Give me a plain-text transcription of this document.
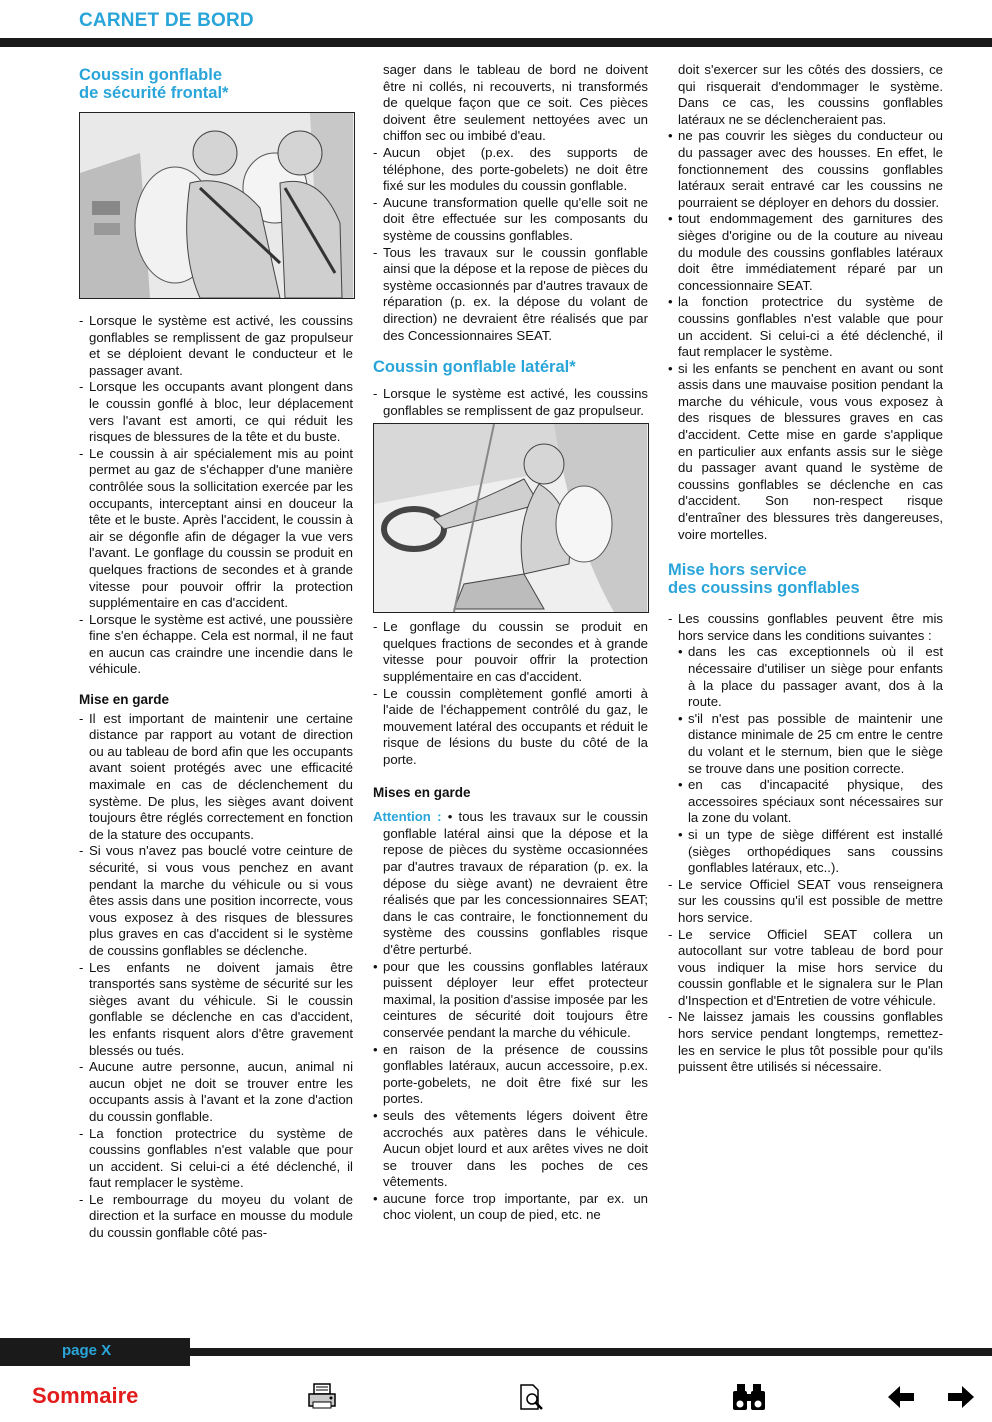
CARNET DE BORD
Coussin gonflable
de sécurité frontal*
- Lorsque le système est activé, les coussins gonflables se remplissent de gaz propulseur et se déploient devant le conducteur et le passager avant.
- Lorsque les occupants avant plongent dans le coussin gonflé à bloc, leur déplacement vers l'avant est amorti, ce qui réduit les risques de blessures de la tête et du buste.
- Le coussin à air spécialement mis au point permet au gaz de s'échapper d'une manière contrôlée sous la sollicitation exercée par les occupants, interceptant ainsi en douceur la tête et le buste. Après l'accident, le coussin à air se dégonfle afin de dégager la vue vers l'avant. Le gonflage du coussin se produit en quelques fractions de secondes et à grande vitesse pour pouvoir offrir la protection supplémentaire en cas d'accident.
- Lorsque le système est activé, une poussière fine s'en échappe. Cela est normal, il ne faut en aucun cas craindre une incendie dans le véhicule.
Mise en garde
- Il est important de maintenir une certaine distance par rapport au votant de direction ou au tableau de bord afin que les occupants avant soient protégés avec une efficacité maximale en cas de déclenchement du système. De plus, les sièges avant doivent toujours être réglés correctement en fonction de la stature des occupants.
- Si vous n'avez pas bouclé votre ceinture de sécurité, si vous vous penchez en avant pendant la marche du véhicule ou si vous êtes assis dans une position incorrecte, vous vous exposez à des risques de blessures plus graves en cas d'accident si le système de coussins gonflables se déclenche.
- Les enfants ne doivent jamais être transportés sans système de sécurité sur les sièges avant du véhicule. Si le coussin gonflable se déclenche en cas d'accident, les enfants risquent alors d'être gravement blessés ou tués.
- Aucune autre personne, aucun, animal ni aucun objet ne doit se trouver entre les occupants assis à l'avant et la zone d'action du coussin gonflable.
- La fonction protectrice du système de coussins gonflables n'est valable que pour un accident. Si celui-ci a été déclenché, il faut remplacer le système.
- Le rembourrage du moyeu du volant de direction et la surface en mousse du module du coussin gonflable côté pas-
sager dans le tableau de bord ne doivent être ni collés, ni recouverts, ni transformés de quelque façon que ce soit. Ces pièces doivent être seulement nettoyées avec un chiffon sec ou imbibé d'eau.
- Aucun objet (p.ex. des supports de téléphone, des porte-gobelets) ne doit être fixé sur les modules du coussin gonflable.
- Aucune transformation quelle qu'elle soit ne doit être effectuée sur les composants du système de coussins gonflables.
- Tous les travaux sur le coussin gonflable ainsi que la dépose et la repose de pièces du système occasionnés par d'autres travaux de réparation (p. ex. la dépose du volant de direction) ne devraient être réalisés que par des Concessionnaires SEAT.
Coussin gonflable latéral*
- Lorsque le système est activé, les coussins gonflables se remplissent de gaz propulseur.
- Le gonflage du coussin se produit en quelques fractions de secondes et à grande vitesse pour pouvoir offrir la protection supplémentaire en cas d'accident.
- Le coussin complètement gonflé amorti à l'aide de l'échappement contrôlé du gaz, le mouvement latéral des occupants et réduit le risque de lésions du buste du côté de la porte.
Mises en garde
Attention : • tous les travaux sur le coussin gonflable latéral ainsi que la dépose et la repose de pièces du système occasionnées par d'autres travaux de réparation (p. ex. la dépose du siège avant) ne devraient être réalisés que par les concessionnaires SEAT; dans le cas contraire, le fonctionnement du système des coussins gonflables risque d'être perturbé.
• pour que les coussins gonflables latéraux puissent déployer leur effet protecteur maximal, la position d'assise imposée par les ceintures de sécurité doit toujours être conservée pendant la marche du véhicule.
• en raison de la présence de coussins gonflables latéraux, aucun accessoire, p.ex. porte-gobelets, ne doit être fixé sur les portes.
• seuls des vêtements légers doivent être accrochés aux patères dans le véhicule. Aucun objet lourd et aux arêtes vives ne doit se trouver dans les poches de ces vêtements.
• aucune force trop importante, par ex. un choc violent, un coup de pied, etc. ne
doit s'exercer sur les côtés des dossiers, ce qui risquerait d'endommager le système. Dans ce cas, les coussins gonflables latéraux ne se déclencheraient pas.
• ne pas couvrir les sièges du conducteur ou du passager avec des housses. En effet, le fonctionnement des coussins gonflables latéraux serait entravé car les coussins ne pourraient se déployer en dehors du dossier.
• tout endommagement des garnitures des sièges d'origine ou de la couture au niveau du module des coussins gonflables latéraux doit être immédiatement réparé par un concessionnaire SEAT.
• la fonction protectrice du système de coussins gonflables n'est valable que pour un accident. Si celui-ci a été déclenché, il faut remplacer le système.
• si les enfants se penchent en avant ou sont assis dans une mauvaise position pendant la marche du véhicule, vous vous exposez à des risques de blessures graves en cas d'accident. Cette mise en garde s'applique en particulier aux enfants assis sur le siège du passager avant quand le système de coussins gonflables se déclenche en cas d'accident. Son non-respect risque d'entraîner des blessures très dangereuses, voire mortelles.
Mise hors service
des coussins gonflables
- Les coussins gonflables peuvent être mis hors service dans les conditions suivantes :
• dans les cas exceptionnels où il est nécessaire d'utiliser un siège pour enfants à la place du passager avant, dos à la route.
• s'il n'est pas possible de maintenir une distance minimale de 25 cm entre le centre du volant et le sternum, bien que le siège se trouve dans une position correcte.
• en cas d'incapacité physique, des accessoires spéciaux sont nécessaires sur la zone du volant.
• si un type de siège différent est installé (sièges orthopédiques sans coussins gonflables latéraux, etc..).
- Le service Officiel SEAT vous renseignera sur les coussins qu'il est possible de mettre hors service.
- Le service Officiel SEAT collera un autocollant sur votre tableau de bord pour vous indiquer la mise hors service du coussin gonflable et le signalera sur le Plan d'Inspection et d'Entretien de votre véhicule.
- Ne laissez jamais les coussins gonflables hors service pendant longtemps, remettez-les en service le plus tôt possible pour qu'ils puissent être utilisés si nécessaire.
page X
Sommaire
